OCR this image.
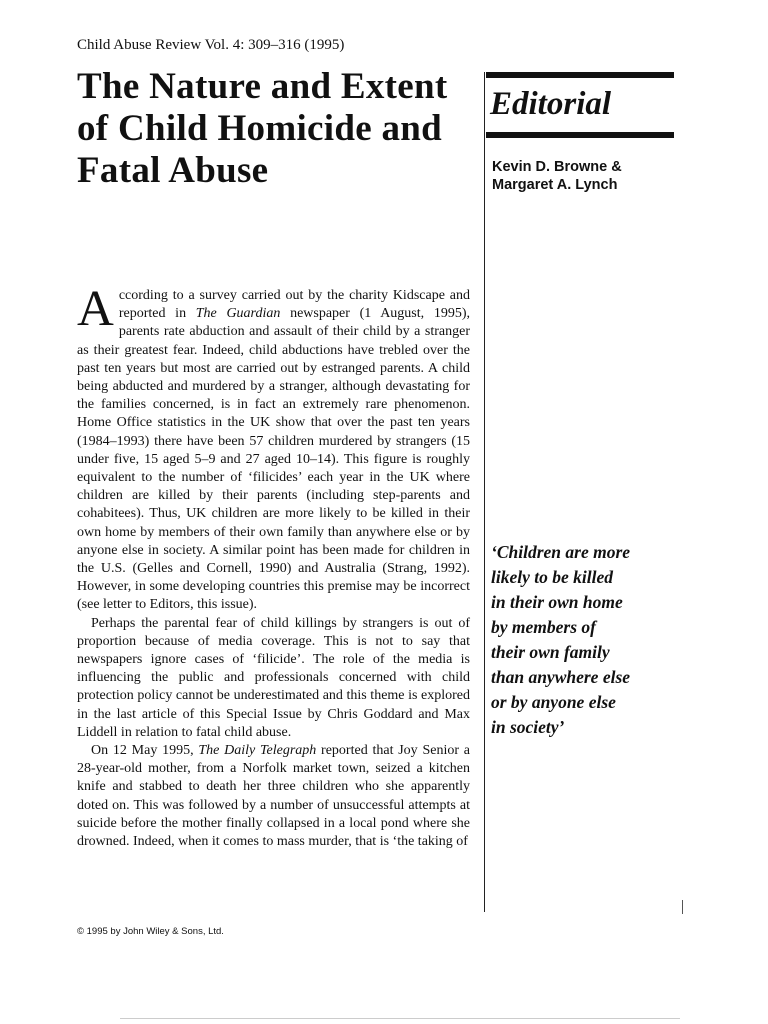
Child Abuse Review Vol. 4: 309–316 (1995)
The Nature and Extent of Child Homicide and Fatal Abuse
Editorial
Kevin D. Browne &
Margaret A. Lynch

According to a survey carried out by the charity Kidscape and reported in The Guardian newspaper (1 August, 1995), parents rate abduction and assault of their child by a stranger as their greatest fear. Indeed, child abductions have trebled over the past ten years but most are carried out by estranged parents. A child being abducted and murdered by a stranger, although devastating for the families concerned, is in fact an extremely rare phenomenon. Home Office statistics in the UK show that over the past ten years (1984–1993) there have been 57 children murdered by strangers (15 under five, 15 aged 5–9 and 27 aged 10–14). This figure is roughly equivalent to the number of ‘filicides’ each year in the UK where children are killed by their parents (including step-parents and cohabitees). Thus, UK children are more likely to be killed in their own home by members of their own family than anywhere else or by anyone else in society. A similar point has been made for children in the U.S. (Gelles and Cornell, 1990) and Australia (Strang, 1992). However, in some developing countries this premise may be incorrect (see letter to Editors, this issue).

Perhaps the parental fear of child killings by strangers is out of proportion because of media coverage. This is not to say that newspapers ignore cases of ‘filicide’. The role of the media is influencing the public and professionals concerned with child protection policy cannot be underestimated and this theme is explored in the last article of this Special Issue by Chris Goddard and Max Liddell in relation to fatal child abuse.

On 12 May 1995, The Daily Telegraph reported that Joy Senior a 28-year-old mother, from a Norfolk market town, seized a kitchen knife and stabbed to death her three children who she apparently doted on. This was followed by a number of unsuccessful attempts at suicide before the mother finally collapsed in a local pond where she drowned. Indeed, when it comes to mass murder, that is ‘the taking of

‘Children are more
likely to be killed
in their own home
by members of
their own family
than anywhere else
or by anyone else
in society’
© 1995 by John Wiley & Sons, Ltd.
